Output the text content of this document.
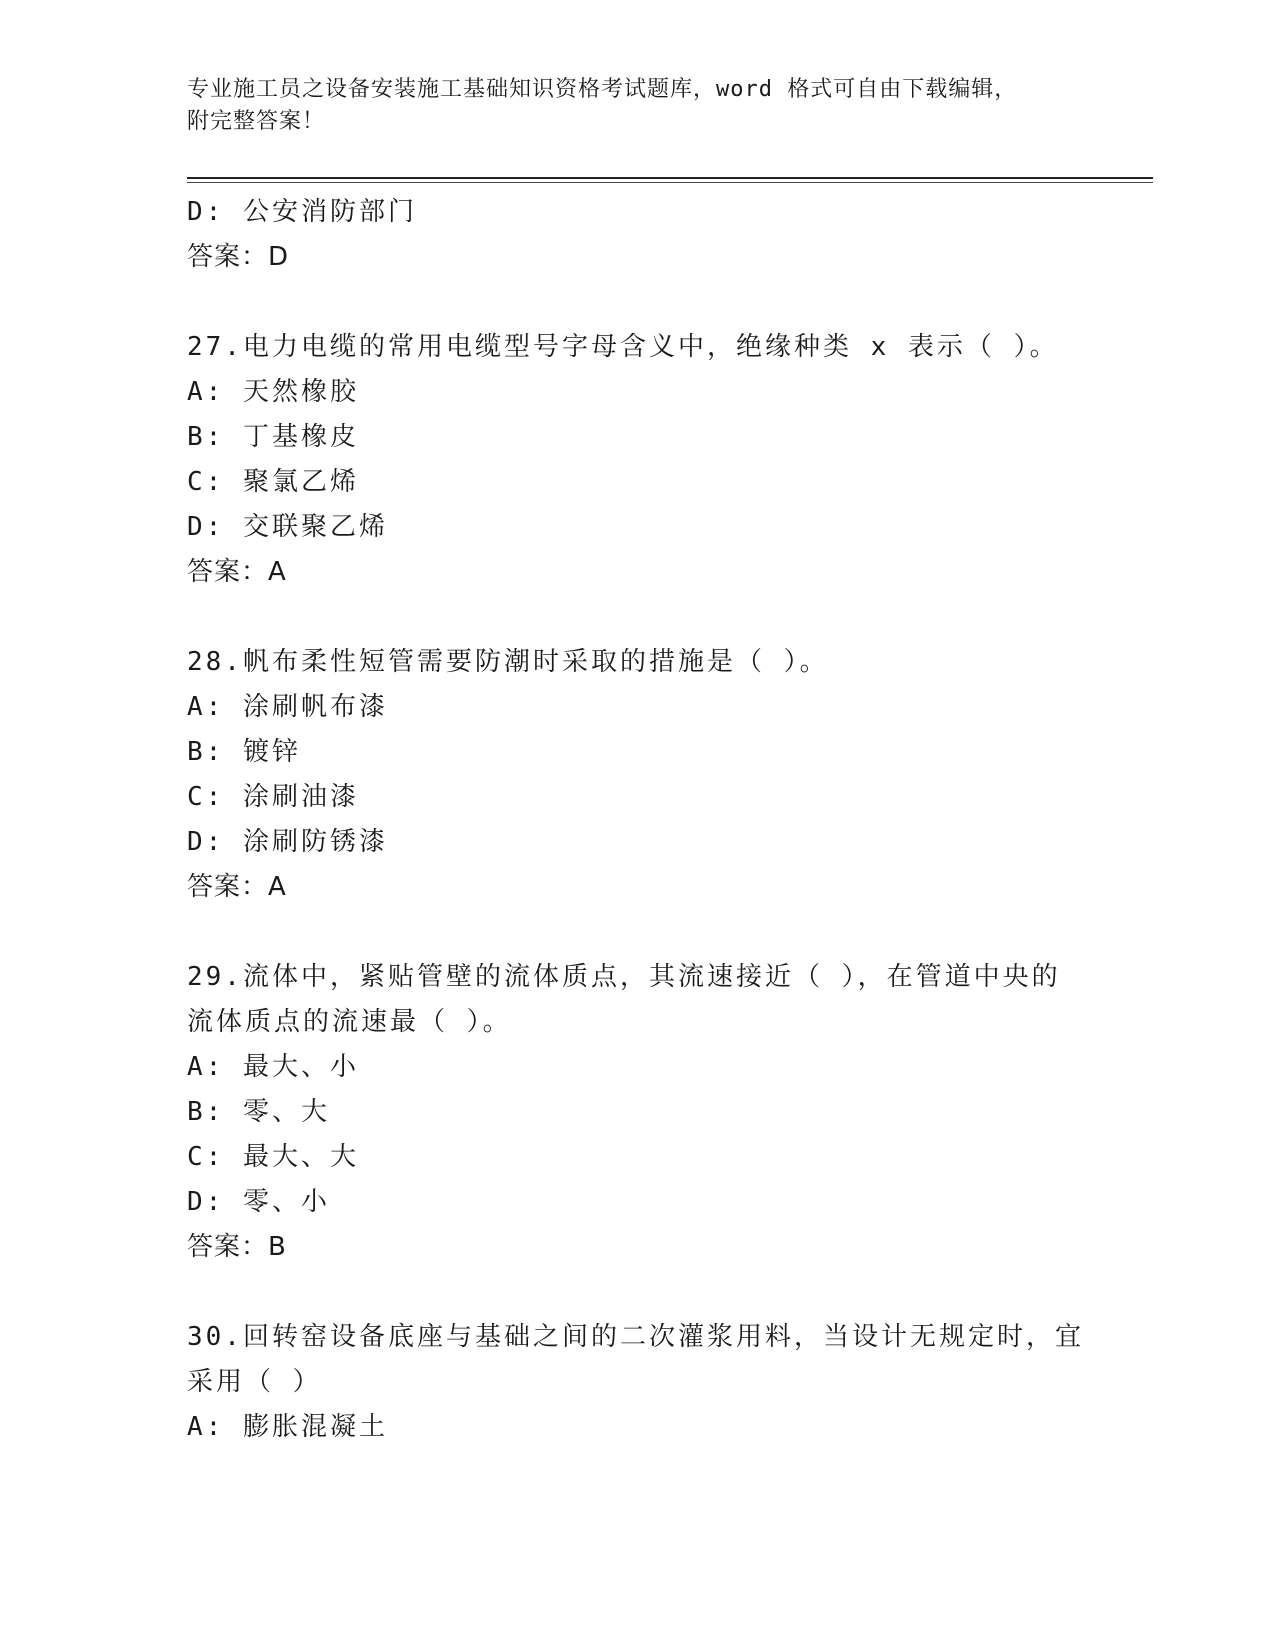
专业施工员之设备安装施工基础知识资格考试题库，word 格式可自由下载编辑，
附完整答案！
D: 公安消防部门
答案：D
27.电力电缆的常用电缆型号字母含义中，绝缘种类 x 表示（ ）。
A: 天然橡胶
B: 丁基橡皮
C: 聚氯乙烯
D: 交联聚乙烯
答案：A
28.帆布柔性短管需要防潮时采取的措施是（ ）。
A: 涂刷帆布漆
B: 镀锌
C: 涂刷油漆
D: 涂刷防锈漆
答案：A
29.流体中，紧贴管壁的流体质点，其流速接近（ ），在管道中央的
流体质点的流速最（ ）。
A: 最大、小
B: 零、大
C: 最大、大
D: 零、小
答案：B
30.回转窑设备底座与基础之间的二次灌浆用料，当设计无规定时，宜
采用（ ）
A: 膨胀混凝土
